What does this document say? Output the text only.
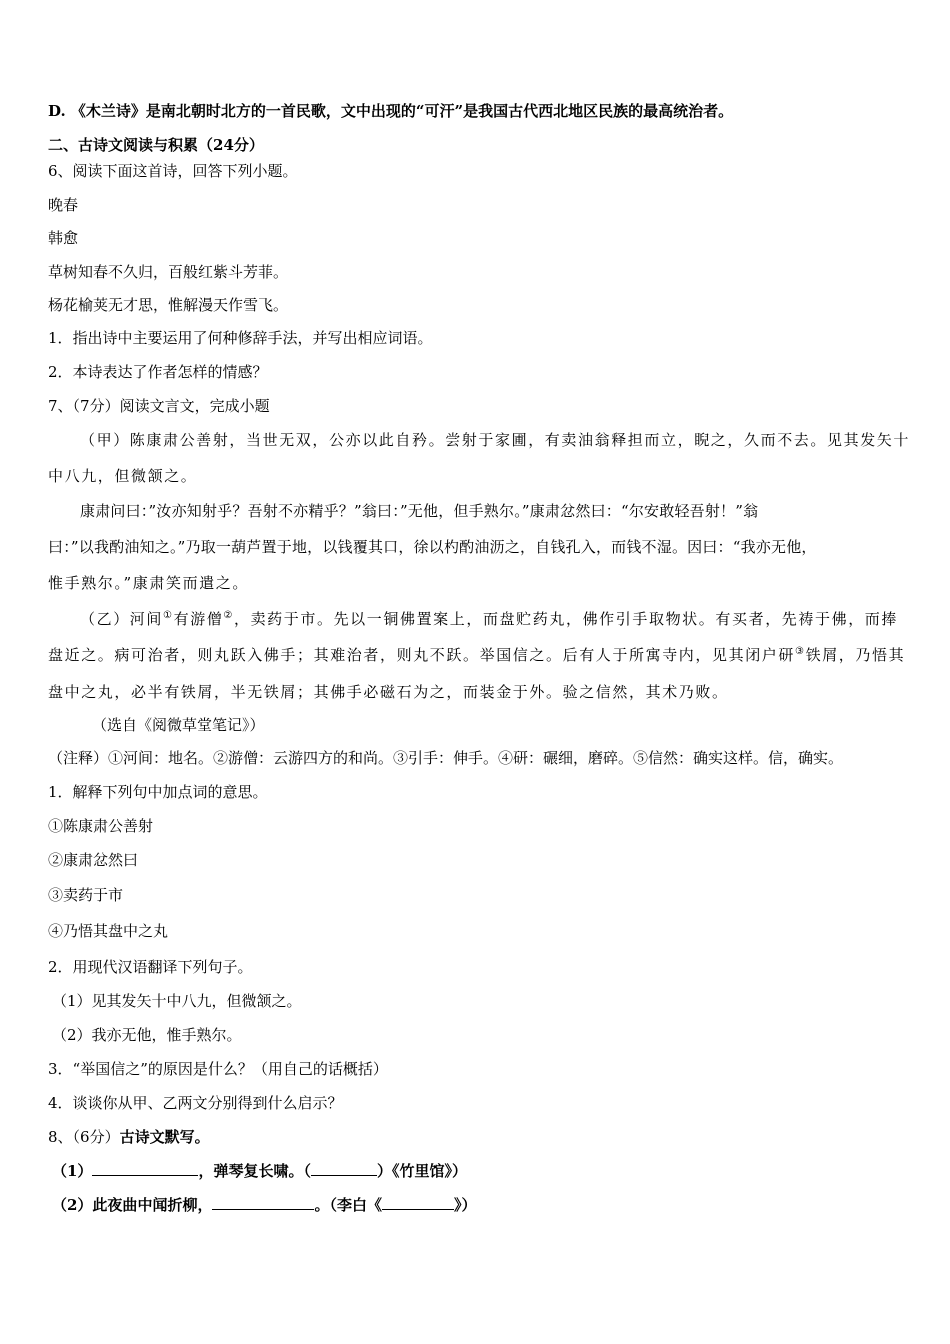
D. 《木兰诗》是南北朝时北方的一首民歌，文中出现的“可汗”是我国古代西北地区民族的最高统治者。
二、古诗文阅读与积累（24分）
6、阅读下面这首诗，回答下列小题。
晚春
韩愈
草树知春不久归，百般红紫斗芳菲。
杨花榆荚无才思，惟解漫天作雪飞。
1．指出诗中主要运用了何种修辞手法，并写出相应词语。
2．本诗表达了作者怎样的情感？
7、（7分）阅读文言文，完成小题
（甲）陈康肃公善射，当世无双，公亦以此自矜。尝射于家圃，有卖油翁释担而立，睨之，久而不去。见其发矢十
中八九，但微颔之。
康肃问曰：”汝亦知射乎？吾射不亦精乎？”翁曰：”无他，但手熟尔。”康肃忿然曰：“尔安敢轻吾射！”翁
曰：”以我酌油知之。”乃取一葫芦置于地，以钱覆其口，徐以杓酌油沥之，自钱孔入，而钱不湿。因曰：“我亦无他，
惟手熟尔。”康肃笑而遣之。
（乙）河间①有游僧②，卖药于市。先以一铜佛置案上，而盘贮药丸，佛作引手取物状。有买者，先祷于佛，而捧
盘近之。病可治者，则丸跃入佛手；其难治者，则丸不跃。举国信之。后有人于所寓寺内，见其闭户研③铁屑，乃悟其
盘中之丸，必半有铁屑，半无铁屑；其佛手必磁石为之，而装金于外。验之信然，其术乃败。
（选自《阅微草堂笔记》）
（注释）①河间：地名。②游僧：云游四方的和尚。③引手：伸手。④研：碾细，磨碎。⑤信然：确实这样。信，确实。
1．解释下列句中加点词的意思。
①陈康肃公善射
②康肃忿然曰
③卖药于市
④乃悟其盘中之丸
2．用现代汉语翻译下列句子。
（1）见其发矢十中八九，但微颔之。
（2）我亦无他，惟手熟尔。
3．“举国信之”的原因是什么？（用自己的话概括）
4．谈谈你从甲、乙两文分别得到什么启示？
8、（6分）古诗文默写。
（1）	，弹琴复长啸。（	）《竹里馆》）
（2）此夜曲中闻折柳，	。（李白《	》）
